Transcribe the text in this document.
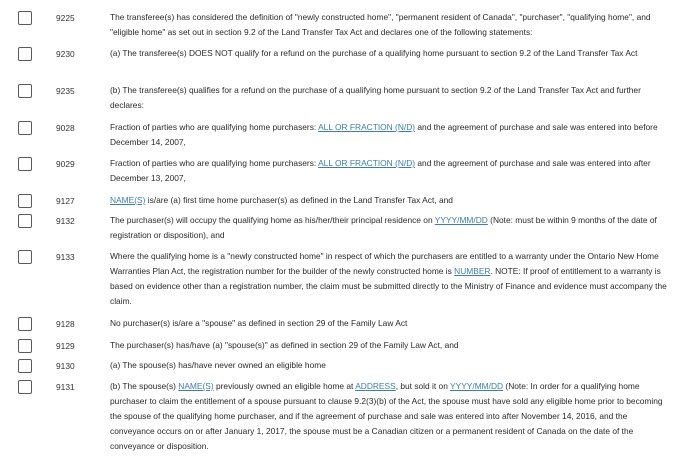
9225	The transferee(s) has considered the definition of "newly constructed home", "permanent resident of Canada", "purchaser", "qualifying home", and "eligible home" as set out in section 9.2 of the Land Transfer Tax Act and declares one of the following statements:
9230	(a) The transferee(s) DOES NOT qualify for a refund on the purchase of a qualifying home pursuant to section 9.2 of the Land Transfer Tax Act
9235	(b) The transferee(s) qualifies for a refund on the purchase of a qualifying home pursuant to section 9.2 of the Land Transfer Tax Act and further declares:
9028	Fraction of parties who are qualifying home purchasers: ALL OR FRACTION (N/D) and the agreement of purchase and sale was entered into before December 14, 2007,
9029	Fraction of parties who are qualifying home purchasers: ALL OR FRACTION (N/D) and the agreement of purchase and sale was entered into after December 13, 2007,
9127	NAME(S) is/are (a) first time home purchaser(s) as defined in the Land Transfer Tax Act, and
9132	The purchaser(s) will occupy the qualifying home as his/her/their principal residence on YYYY/MM/DD (Note: must be within 9 months of the date of registration or disposition), and
9133	Where the qualifying home is a "newly constructed home" in respect of which the purchasers are entitled to a warranty under the Ontario New Home Warranties Plan Act, the registration number for the builder of the newly constructed home is NUMBER. NOTE: If proof of entitlement to a warranty is based on evidence other than a registration number, the claim must be submitted directly to the Ministry of Finance and evidence must accompany the claim.
9128	No purchaser(s) is/are a "spouse" as defined in section 29 of the Family Law Act
9129	The purchaser(s) has/have (a) "spouse(s)" as defined in section 29 of the Family Law Act, and
9130	(a) The spouse(s) has/have never owned an eligible home
9131	(b) The spouse(s) NAME(S) previously owned an eligible home at ADDRESS, but sold it on YYYY/MM/DD (Note: In order for a qualifying home purchaser to claim the entitlement of a spouse pursuant to clause 9.2(3)(b) of the Act, the spouse must have sold any eligible home prior to becoming the spouse of the qualifying home purchaser, and if the agreement of purchase and sale was entered into after November 14, 2016, and the conveyance occurs on or after January 1, 2017, the spouse must be a Canadian citizen or a permanent resident of Canada on the date of the conveyance or disposition.
